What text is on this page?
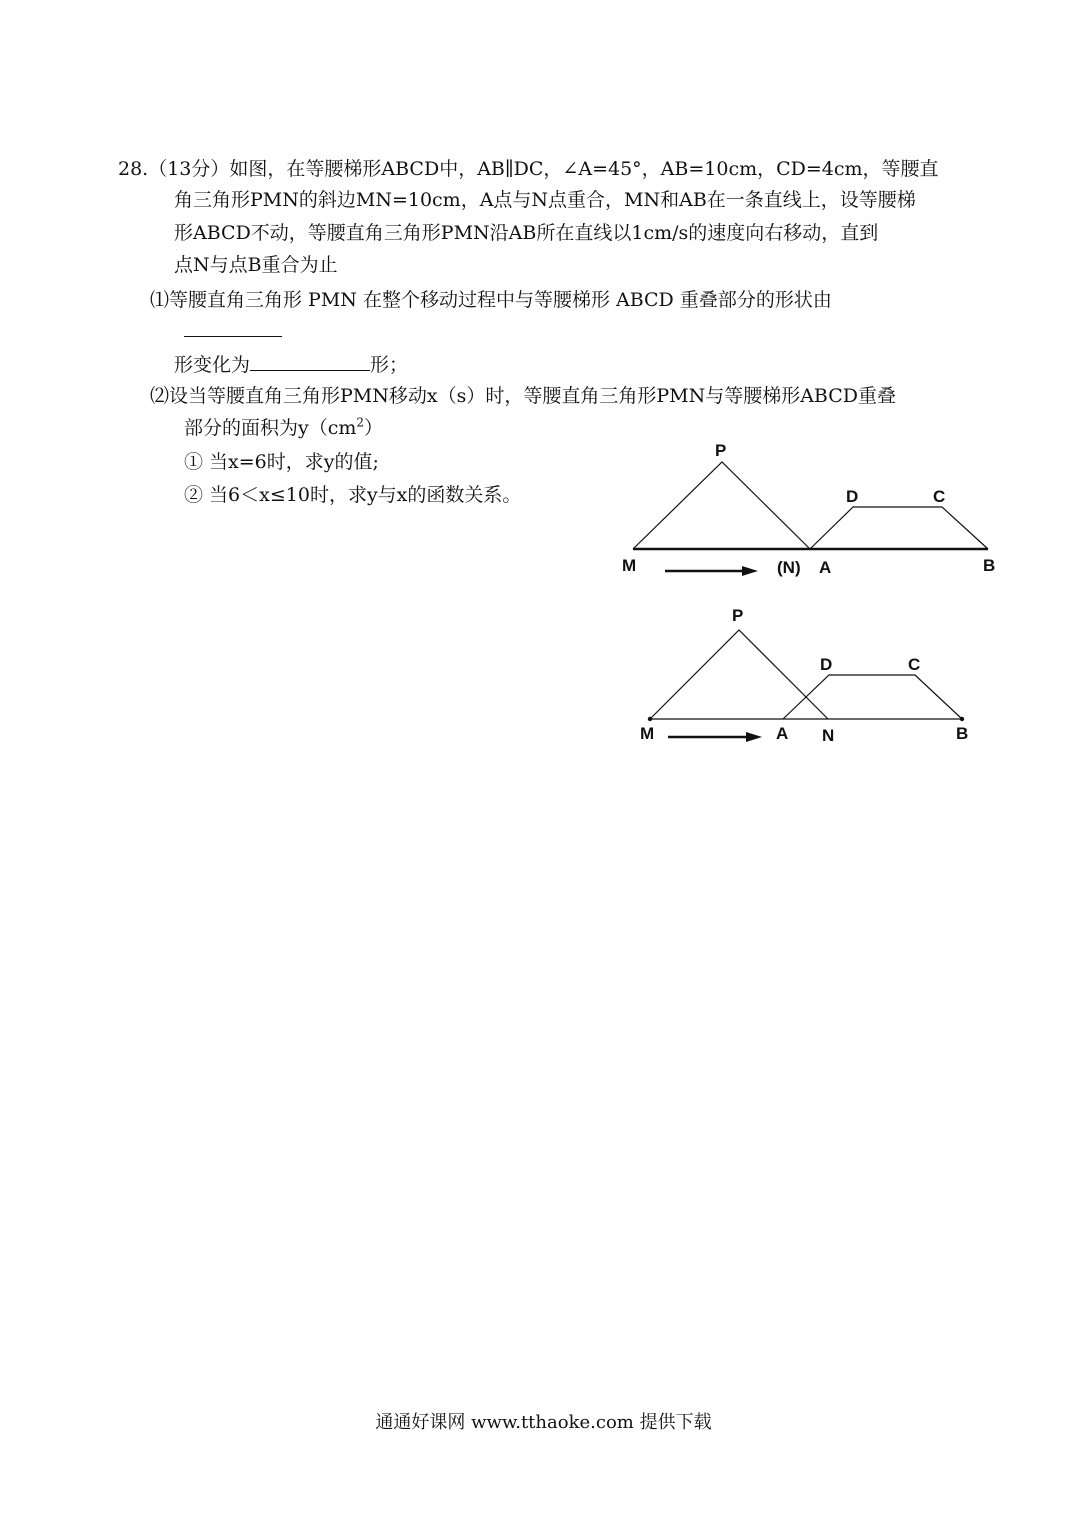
28.（13分）如图，在等腰梯形ABCD中，AB∥DC，∠A=45°，AB=10cm，CD=4cm，等腰直
角三角形PMN的斜边MN=10cm，A点与N点重合，MN和AB在一条直线上，设等腰梯
形ABCD不动，等腰直角三角形PMN沿AB所在直线以1cm/s的速度向右移动，直到
点N与点B重合为止
⑴等腰直角三角形 PMN 在整个移动过程中与等腰梯形 ABCD 重叠部分的形状由
形变化为	形；
⑵设当等腰直角三角形PMN移动x（s）时，等腰直角三角形PMN与等腰梯形ABCD重叠
部分的面积为$y(cm^2)$
① 当x=6时，求y的值;
② 当6＜x≤10时，求y与x的函数关系。
P
D	C
M	(N) A	B
P
D	C
M	A N	B
通通好课网 www.tthaoke.com 提供下载
